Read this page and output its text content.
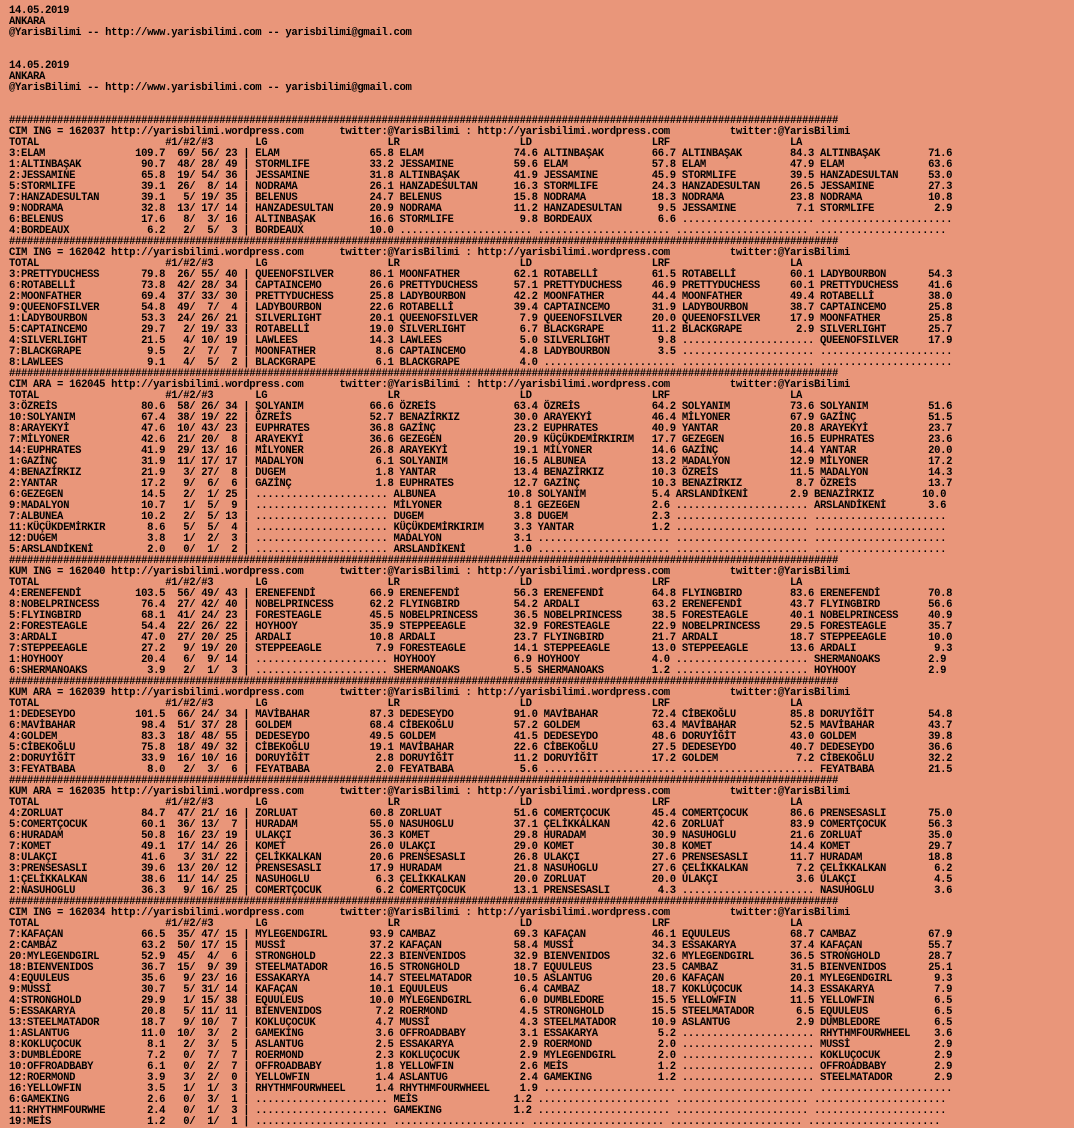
14.05.2019
ANKARA
@YarisBilimi -- http://www.yarisbilimi.com -- yarisbilimi@gmail.com

14.05.2019
ANKARA
@YarisBilimi -- http://www.yarisbilimi.com -- yarisbilimi@gmail.com

##########################################################################################################################################
CIM ING = 162037 http://yarisbilimi.wordpress.com      twitter:@YarisBilimi : http://yarisbilimi.wordpress.com          twitter:@YarisBilimi
TOTAL                     #1/#2/#3       LG                    LR                    LD                    LRF                    LA
3:ELAM               109.7  69/ 56/ 23 | ELAM               65.8 ELAM               74.6 ALTINBAŞAK        66.7 ALTINBAŞAK        84.3 ALTINBAŞAK        71.6
1:ALTINBAŞAK          90.7  48/ 28/ 49 | STORMLIFE          33.2 JESSAMINE          59.6 ELAM              57.8 ELAM              47.9 ELAM              63.6
2:JESSAMINE           65.8  19/ 54/ 36 | JESSAMINE          31.8 ALTINBAŞAK         41.9 JESSAMINE         45.9 STORMLIFE         39.5 HANZADESULTAN     53.0
5:STORMLIFE           39.1  26/  8/ 14 | NODRAMA            26.1 HANZADESULTAN      16.3 STORMLIFE         24.3 HANZADESULTAN     26.5 JESSAMINE         27.3
7:HANZADESULTAN       39.1   5/ 19/ 35 | BELENUS            24.7 BELENUS            15.8 NODRAMA           18.3 NODRAMA           23.8 NODRAMA           10.8
9:NODRAMA             32.8  13/ 17/ 14 | HANZADESULTAN      20.9 NODRAMA            11.2 HANZADESULTAN      9.5 JESSAMINE          7.1 STORMLIFE          2.9
6:BELENUS             17.6   8/  3/ 16 | ALTINBAŞAK         16.6 STORMLIFE           9.8 BORDEAUX           6.6 ...................... ......................
4:BORDEAUX             6.2   2/  5/  3 | BORDEAUX           10.0 ...................... ...................... ...................... ......................
##########################################################################################################################################
CIM ING = 162042 http://yarisbilimi.wordpress.com      twitter:@YarisBilimi : http://yarisbilimi.wordpress.com          twitter:@YarisBilimi
TOTAL                     #1/#2/#3       LG                    LR                    LD                    LRF                    LA
3:PRETTYDUCHESS       79.8  26/ 55/ 40 | QUEENOFSILVER      86.1 MOONFATHER         62.1 ROTABELLİ         61.5 ROTABELLİ         60.1 LADYBOURBON       54.3
6:ROTABELLİ           73.8  42/ 28/ 34 | CAPTAINCEMO        26.6 PRETTYDUCHESS      57.1 PRETTYDUCHESS     46.9 PRETTYDUCHESS     60.1 PRETTYDUCHESS     41.6
2:MOONFATHER          69.4  37/ 33/ 30 | PRETTYDUCHESS      25.8 LADYBOURBON        42.2 MOONFATHER        44.4 MOONFATHER        49.4 ROTABELLİ         38.0
9:QUEENOFSILVER       54.8  49/  7/  4 | LADYBOURBON        22.6 ROTABELLİ          39.4 CAPTAINCEMO       31.9 LADYBOURBON       38.7 CAPTAINCEMO       25.8
1:LADYBOURBON         53.3  24/ 26/ 21 | SILVERLIGHT        20.1 QUEENOFSILVER       7.9 QUEENOFSILVER     20.0 QUEENOFSILVER     17.9 MOONFATHER        25.8
5:CAPTAINCEMO         29.7   2/ 19/ 33 | ROTABELLİ          19.0 SILVERLIGHT         6.7 BLACKGRAPE        11.2 BLACKGRAPE         2.9 SILVERLIGHT       25.7
4:SILVERLIGHT         21.5   4/ 10/ 19 | LAWLEES            14.3 LAWLEES             5.0 SILVERLIGHT        9.8 ...................... QUEENOFSILVER     17.9
7:BLACKGRAPE           9.5   2/  7/  7 | MOONFATHER          8.6 CAPTAINCEMO         4.8 LADYBOURBON        3.5 ...................... ......................
8:LAWLEES              9.1   4/  5/  2 | BLACKGRAPE          6.1 BLACKGRAPE          4.0 ...................... ...................... ......................
##########################################################################################################################################
CIM ARA = 162045 http://yarisbilimi.wordpress.com      twitter:@YarisBilimi : http://yarisbilimi.wordpress.com          twitter:@YarisBilimi
TOTAL                     #1/#2/#3       LG                    LR                    LD                    LRF                    LA
3:ÖZREİS              80.6  58/ 26/ 34 | ŞOLYANIM           66.6 ÖZREİS             63.4 ÖZREİS            64.2 SOLYANIM          73.6 SOLYANIM          51.6
10:SOLYANIM           67.4  38/ 19/ 22 | ÖZREİS             52.7 BENAZİRKIZ         30.0 ARAYEKYİ          46.4 MİLYONER          67.9 GAZİNÇ            51.5
8:ARAYEKYİ            47.6  10/ 43/ 23 | EUPHRATES          36.8 GAZİNÇ             23.2 EUPHRATES         40.9 YANTAR            20.8 ARAYEKYİ          23.7
7:MİLYONER            42.6  21/ 20/  8 | ARAYEKYİ           36.6 GEZEGEN            20.9 KÜÇÜKDEMİRKIRIM   17.7 GEZEGEN           16.5 EUPHRATES         23.6
14:EUPHRATES          41.9  29/ 13/ 16 | MİLYONER           26.8 ARAYEKYİ           19.1 MİLYONER          14.6 GAZİNÇ            14.4 YANTAR            20.0
1:GAZİNÇ              31.9  11/ 17/ 17 | MADALYON            6.1 SOLYANIM           16.5 ALBUNEA           13.2 MADALYON          12.9 MİLYONER          17.2
4:BENAZİRKIZ          21.9   3/ 27/  8 | DUGEM               1.8 YANTAR             13.4 BENAZİRKIZ        10.3 ÖZREİS            11.5 MADALYON          14.3
2:YANTAR              17.2   9/  6/  6 | GAZİNÇ              1.8 EUPHRATES          12.7 GAZİNÇ            10.3 BENAZİRKIZ         8.7 ÖZREİS            13.7
6:GEZEGEN             14.5   2/  1/ 25 | ...................... ALBUNEA            10.8 SOLYANIM           5.4 ARSLANDİKENİ       2.9 BENAZİRKIZ        10.0
9:MADALYON            10.7   1/  5/  9 | ...................... MİLYONER            8.1 GEZEGEN            2.6 ...................... ARSLANDİKENİ       3.6
7:ALBUNEA             10.2   2/  5/ 13 | ...................... DUGEM               3.8 DUGEM              2.3 ...................... ......................
11:KÜÇÜKDEMİRKIR       8.6   5/  5/  4 | ...................... KÜÇÜKDEMİRKIRIM     3.3 YANTAR             1.2 ...................... ......................
12:DUGEM               3.8   1/  2/  3 | ...................... MADALYON            3.1 ...................... ...................... ......................
5:ARSLANDİKENİ         2.0   0/  1/  2 | ...................... ARSLANDİKENİ        1.0 ...................... ...................... ......................
##########################################################################################################################################
KUM ING = 162040 http://yarisbilimi.wordpress.com      twitter:@YarisBilimi : http://yarisbilimi.wordpress.com          twitter:@YarisBilimi
TOTAL                     #1/#2/#3       LG                    LR                    LD                    LRF                    LA
4:ERENEFENDİ         103.5  56/ 49/ 43 | ERENEFENDİ         66.9 ERENEFENDİ         56.3 ERENEFENDİ        64.8 FLYINGBIRD        83.6 ERENEFENDİ        70.8
8:NOBELPRINCESS       76.4  27/ 42/ 40 | NOBELPRINCESS      62.2 FLYINGBIRD         54.2 ARDALI            63.2 ERENEFENDİ        43.7 FLYINGBIRD        56.6
5:FLYINGBIRD          68.1  41/ 24/ 23 | FORESTEAGLE        45.5 NOBELPRINCESS      36.5 NOBELPRINCESS     38.5 FORESTEAGLE       40.1 NOBELPRINCESS     40.9
2:FORESTEAGLE         54.4  22/ 26/ 22 | HOYHOOY            35.9 STEPPEEAGLE        32.9 FORESTEAGLE       22.9 NOBELPRINCESS     29.5 FORESTEAGLE       35.7
3:ARDALI              47.0  27/ 20/ 25 | ARDALI             10.8 ARDALI             23.7 FLYINGBIRD        21.7 ARDALI            18.7 STEPPEEAGLE       10.0
7:STEPPEEAGLE         27.2   9/ 19/ 20 | STEPPEEAGLE         7.9 FORESTEAGLE        14.1 STEPPEEAGLE       13.0 STEPPEEAGLE       13.6 ARDALI             9.3
1:HOYHOOY             20.4   6/  9/ 14 | ...................... HOYHOOY             6.9 HOYHOOY            4.0 ...................... SHERMANOAKS        2.9
6:SHERMANOAKS          3.9   2/  1/  3 | ...................... SHERMANOAKS         5.5 SHERMANOAKS        1.2 ...................... HOYHOOY            2.9
##########################################################################################################################################
KUM ARA = 162039 http://yarisbilimi.wordpress.com      twitter:@YarisBilimi : http://yarisbilimi.wordpress.com          twitter:@YarisBilimi
TOTAL                     #1/#2/#3       LG                    LR                    LD                    LRF                    LA
1:DEDESEYDO          101.5  66/ 24/ 34 | MAVİBAHAR          87.3 DEDESEYDO          91.0 MAVİBAHAR         72.4 CİBEKOĞLU         85.8 DORUYİĞİT         54.8
6:MAVİBAHAR           98.4  51/ 37/ 28 | GOLDEM             68.4 CİBEKOĞLU          57.2 GOLDEM            63.4 MAVİBAHAR         52.5 MAVİBAHAR         43.7
4:GOLDEM              83.3  18/ 48/ 55 | DEDESEYDO          49.5 GOLDEM             41.5 DEDESEYDO         48.6 DORUYİĞİT         43.0 GOLDEM            39.8
5:CİBEKOĞLU           75.8  18/ 49/ 32 | CİBEKOĞLU          19.1 MAVİBAHAR          22.6 CİBEKOĞLU         27.5 DEDESEYDO         40.7 DEDESEYDO         36.6
2:DORUYİĞİT           33.9  16/ 10/ 16 | DORUYİĞİT           2.8 DORUYİĞİT          11.2 DORUYİĞİT         17.2 GOLDEM             7.2 CİBEKOĞLU         32.2
3:FEYATBABA            8.0   2/  3/  6 | FEYATBABA           2.0 FEYATBABA           5.6 ...................... ...................... FEYATBABA         21.5
##########################################################################################################################################
KUM ARA = 162035 http://yarisbilimi.wordpress.com      twitter:@YarisBilimi : http://yarisbilimi.wordpress.com          twitter:@YarisBilimi
TOTAL                     #1/#2/#3       LG                    LR                    LD                    LRF                    LA
4:ZORLUAT             84.7  47/ 21/ 16 | ZORLUAT            60.8 ZORLUAT            51.6 COMERTÇOCUK       45.4 COMERTÇOCUK       86.6 PRENSESASLI       75.0
5:COMERTÇOCUK         60.1  36/ 13/  7 | HURADAM            55.0 NASUHOGLU          37.1 ÇELİKKALKAN       42.6 ZORLUAT           83.9 COMERTÇOCUK       56.3
6:HURADAM             50.8  16/ 23/ 19 | ULAKÇI             36.3 KOMET              29.8 HURADAM           30.9 NASUHOGLU         21.6 ZORLUAT           35.0
7:KOMET               49.1  17/ 14/ 26 | KOMET              26.0 ULAKÇI             29.0 KOMET             30.8 KOMET             14.4 KOMET             29.7
8:ULAKÇI              41.6   3/ 31/ 22 | ÇELİKKALKAN        20.6 PRENSESASLI        26.8 ULAKÇI            27.6 PRENSESASLI       11.7 HURADAM           18.8
3:PRENSESASLI         39.6  13/ 20/ 12 | PRENSESASLI        17.9 HURADAM            21.8 NASUHOGLU         27.6 ÇELİKKALKAN        7.2 ÇELİKKALKAN        6.2
1:ÇELİKKALKAN         38.6  11/ 14/ 25 | NASUHOGLU           6.3 ÇELİKKALKAN        20.0 ZORLUAT           20.0 ULAKÇI             3.6 ULAKÇI             4.5
2:NASUHOGLU           36.3   9/ 16/ 25 | COMERTÇOCUK         6.2 COMERTÇOCUK        13.1 PRENSESASLI        4.3 ...................... NASUHOGLU          3.6
##########################################################################################################################################
CIM ING = 162034 http://yarisbilimi.wordpress.com      twitter:@YarisBilimi : http://yarisbilimi.wordpress.com          twitter:@YarisBilimi
TOTAL                     #1/#2/#3       LG                    LR                    LD                    LRF                    LA
7:KAFAÇAN             66.5  35/ 47/ 15 | MYLEGENDGIRL       93.9 CAMBAZ             69.3 KAFAÇAN           46.1 EQUULEUS          68.7 CAMBAZ            67.9
2:CAMBAZ              63.2  50/ 17/ 15 | MUSSİ              37.2 KAFAÇAN            58.4 MUSSİ             34.3 ESSAKARYA         37.4 KAFAÇAN           55.7
20:MYLEGENDGIRL       52.9  45/  4/  6 | STRONGHOLD         22.3 BIENVENIDOS        32.9 BIENVENIDOS       32.6 MYLEGENDGIRL      36.5 STRONGHOLD        28.7
18:BIENVENIDOS        36.7  15/  9/ 39 | STEELMATADOR       16.5 STRONGHOLD         18.7 EQUULEUS          23.5 CAMBAZ            31.5 BIENVENIDOS       25.1
4:EQUULEUS            35.6   9/ 23/ 16 | ESSAKARYA          14.7 STEELMATADOR       10.5 ASLANTUG          20.6 KAFAÇAN           20.1 MYLEGENDGIRL       9.3
9:MUSSİ               30.7   5/ 31/ 14 | KAFAÇAN            10.1 EQUULEUS            6.4 CAMBAZ            18.7 KOKLUÇOCUK        14.3 ESSAKARYA          7.9
4:STRONGHOLD          29.9   1/ 15/ 38 | EQUULEUS           10.0 MYLEGENDGIRL        6.0 DUMBLEDORE        15.5 YELLOWFIN         11.5 YELLOWFIN          6.5
5:ESSAKARYA           20.8   5/ 11/ 11 | BIENVENIDOS         7.2 ROERMOND            4.5 STRONGHOLD        15.5 STEELMATADOR       6.5 EQUULEUS           6.5
13:STEELMATADOR       18.7   9/ 10/  7 | KOKLUÇOCUK          4.7 MUSSİ               4.3 STEELMATADOR      10.9 ASLANTUG           2.9 DUMBLEDORE         6.5
1:ASLANTUG            11.0  10/  3/  2 | GAMEKING            3.6 OFFROADBABY         3.1 ESSAKARYA          5.2 ...................... RHYTHMFOURWHEEL    3.6
8:KOKLUÇOCUK           8.1   2/  3/  5 | ASLANTUG            2.5 ESSAKARYA           2.9 ROERMOND           2.0 ...................... MUSSİ              2.9
3:DUMBLEDORE           7.2   0/  7/  7 | ROERMOND            2.3 KOKLUÇOCUK          2.9 MYLEGENDGIRL       2.0 ...................... KOKLUÇOCUK         2.9
10:OFFROADBABY         6.1   0/  2/  7 | OFFROADBABY         1.8 YELLOWFIN           2.6 MEİS               1.2 ...................... OFFROADBABY        2.9
12:ROERMOND            3.9   3/  2/  0 | YELLOWFIN           1.4 ASLANTUG            2.4 GAMEKING           1.2 ...................... STEELMATADOR       2.9
16:YELLOWFIN           3.5   1/  1/  3 | RHYTHMFOURWHEEL     1.4 RHYTHMFOURWHEEL     1.9 ...................... ...................... ......................
6:GAMEKING             2.6   0/  3/  1 | ...................... MEİS                1.2 ...................... ...................... ......................
11:RHYTHMFOURWHE       2.4   0/  1/  3 | ...................... GAMEKING            1.2 ...................... ...................... ......................
19:MEİS                1.2   0/  1/  1 | ...................... ...................... ...................... ...................... ......................
